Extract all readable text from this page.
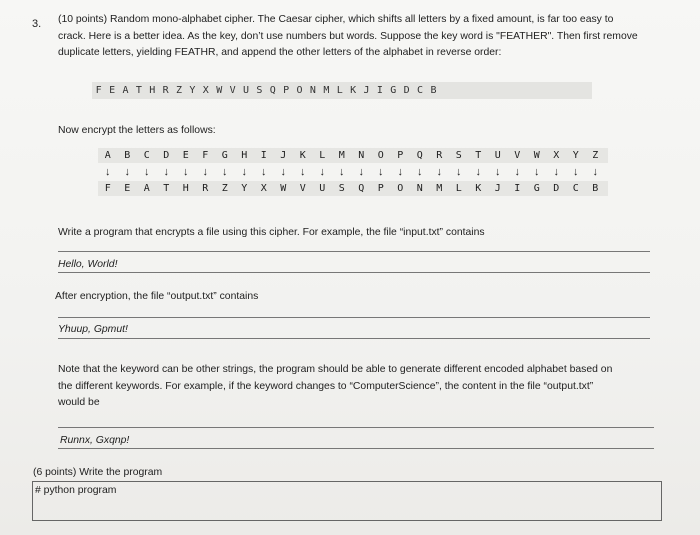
3. (10 points) Random mono-alphabet cipher. The Caesar cipher, which shifts all letters by a fixed amount, is far too easy to
crack. Here is a better idea. As the key, don’t use numbers but words. Suppose the key word is "FEATHER". Then first remove
duplicate letters, yielding FEATHR, and append the other letters of the alphabet in reverse order:
F E A T H R Z Y X W V U S Q P O N M L K J I G D C B
Now encrypt the letters as follows:
A	B	C	D	E	F	G	H	I	J	K	L	M	N	O	P	Q	R	S	T	U	V	W	X	Y	Z
↓	↓	↓	↓	↓	↓	↓	↓	↓	↓	↓	↓	↓	↓	↓	↓	↓	↓	↓	↓	↓	↓	↓	↓	↓	↓
F	E	A	T	H	R	Z	Y	X	W	V	U	S	Q	P	O	N	M	L	K	J	I	G	D	C	B
Write a program that encrypts a file using this cipher. For example, the file “input.txt” contains
Hello, World!
After encryption, the file “output.txt” contains
Yhuup, Gpmut!
Note that the keyword can be other strings, the program should be able to generate different encoded alphabet based on
the different keywords. For example, if the keyword changes to “ComputerScience”, the content in the file “output.txt”
would be
Runnx, Gxqnp!
(6 points) Write the program
# python program
